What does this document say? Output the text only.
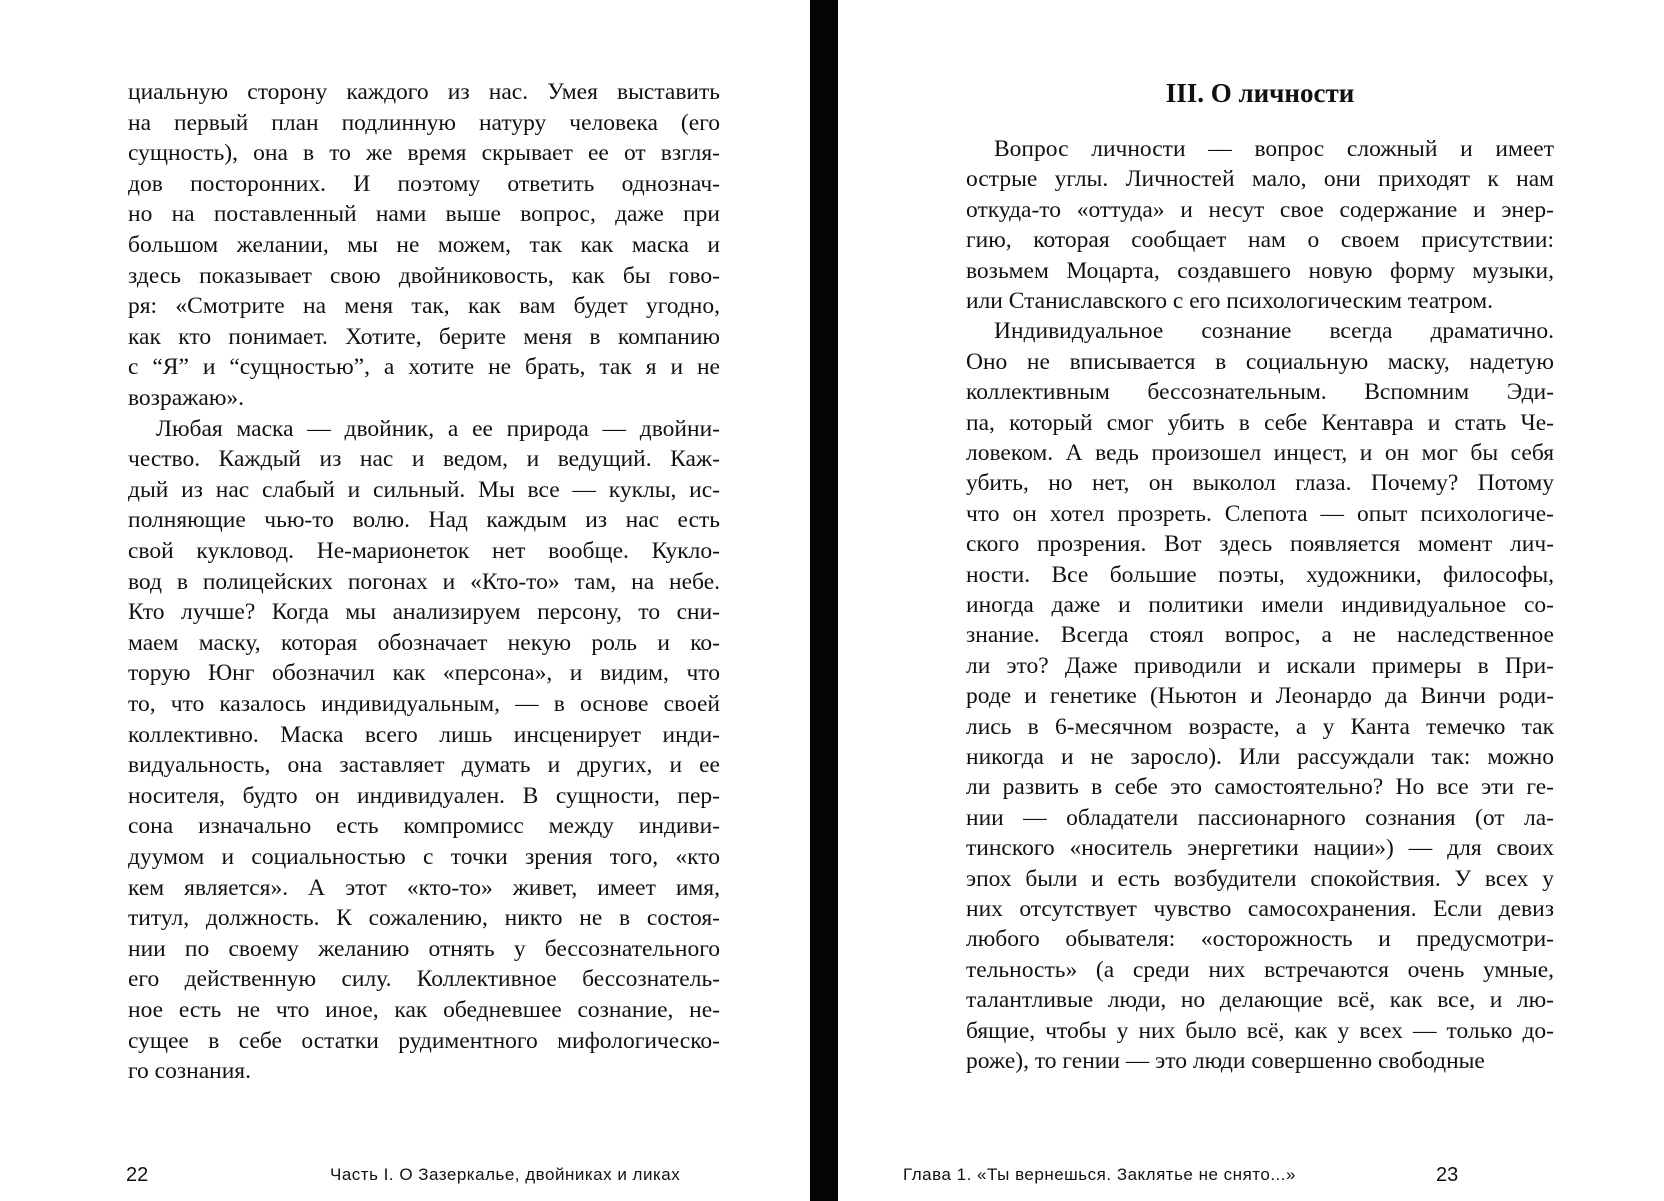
22	Часть I. О Зазеркалье, двойниках и ликах
циальную сторону каждого из нас. Умея выставить
на первый план подлинную натуру человека (его
сущность), она в то же время скрывает ее от взгля-
дов посторонних. И поэтому ответить однознач-
но на поставленный нами выше вопрос, даже при
большом желании, мы не можем, так как маска и
здесь показывает свою двойниковость, как бы гово-
ря: «Смотрите на меня так, как вам будет угодно,
как кто понимает. Хотите, берите меня в компанию
с “Я” и “сущностью”, а хотите не брать, так я и не
возражаю».
Любая маска — двойник, а ее природа — двойни-
чество. Каждый из нас и ведом, и ведущий. Каж-
дый из нас слабый и сильный. Мы все — куклы, ис-
полняющие чью-то волю. Над каждым из нас есть
свой кукловод. Не-марионеток нет вообще. Кукло-
вод в полицейских погонах и «Кто-то» там, на небе.
Кто лучше? Когда мы анализируем персону, то сни-
маем маску, которая обозначает некую роль и ко-
торую Юнг обозначил как «персона», и видим, что
то, что казалось индивидуальным, — в основе своей
коллективно. Маска всего лишь инсценирует инди-
видуальность, она заставляет думать и других, и ее
носителя, будто он индивидуален. В сущности, пер-
сона изначально есть компромисс между индиви-
дуумом и социальностью с точки зрения того, «кто
кем является». А этот «кто-то» живет, имеет имя,
титул, должность. К сожалению, никто не в состоя-
нии по своему желанию отнять у бессознательного
его действенную силу. Коллективное бессознатель-
ное есть не что иное, как обедневшее сознание, не-
сущее в себе остатки рудиментного мифологическо-
го сознания.
III. О личности
Глава 1. «Ты вернешься. Заклятье не снято...»	23
Вопрос личности — вопрос сложный и имеет
острые углы. Личностей мало, они приходят к нам
откуда-то «оттуда» и несут свое содержание и энер-
гию, которая сообщает нам о своем присутствии:
возьмем Моцарта, создавшего новую форму музыки,
или Станиславского с его психологическим театром.
Индивидуальное сознание всегда драматично.
Оно не вписывается в социальную маску, надетую
коллективным бессознательным. Вспомним Эди-
па, который смог убить в себе Кентавра и стать Че-
ловеком. А ведь произошел инцест, и он мог бы себя
убить, но нет, он выколол глаза. Почему? Потому
что он хотел прозреть. Слепота — опыт психологиче-
ского прозрения. Вот здесь появляется момент лич-
ности. Все большие поэты, художники, философы,
иногда даже и политики имели индивидуальное со-
знание. Всегда стоял вопрос, а не наследственное
ли это? Даже приводили и искали примеры в При-
роде и генетике (Ньютон и Леонардо да Винчи роди-
лись в 6-месячном возрасте, а у Канта темечко так
никогда и не заросло). Или рассуждали так: можно
ли развить в себе это самостоятельно? Но все эти ге-
нии — обладатели пассионарного сознания (от ла-
тинского «носитель энергетики нации») — для своих
эпох были и есть возбудители спокойствия. У всех у
них отсутствует чувство самосохранения. Если девиз
любого обывателя: «осторожность и предусмотри-
тельность» (а среди них встречаются очень умные,
талантливые люди, но делающие всё, как все, и лю-
бящие, чтобы у них было всё, как у всех — только до-
роже), то гении — это люди совершенно свободные
